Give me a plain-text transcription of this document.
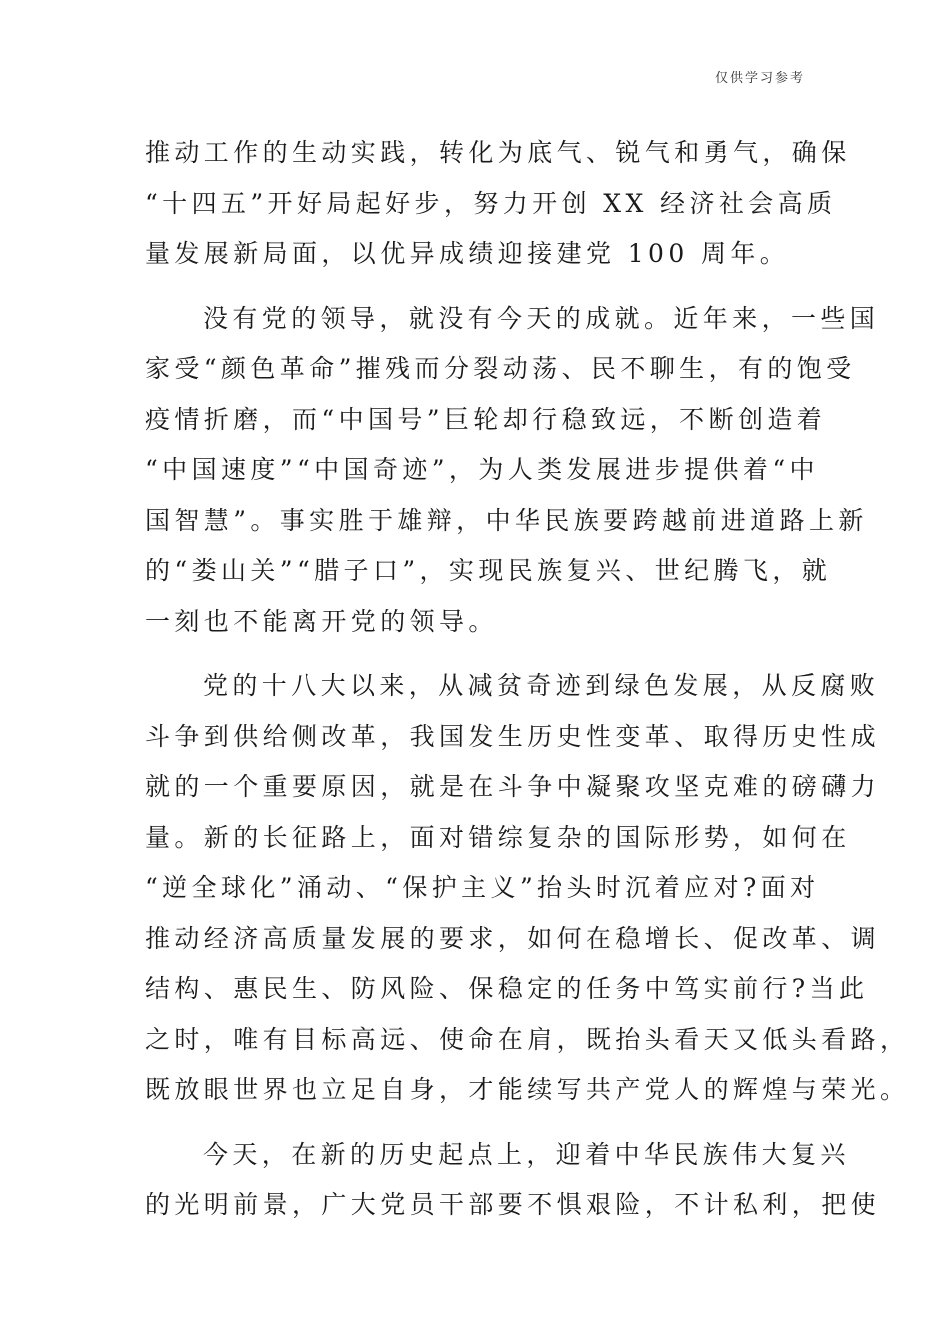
仅供学习参考
推动工作的生动实践，转化为底气、锐气和勇气，确保
“十四五”开好局起好步，努力开创 XX 经济社会高质
量发展新局面，以优异成绩迎接建党 100 周年。
没有党的领导，就没有今天的成就。近年来，一些国
家受“颜色革命”摧残而分裂动荡、民不聊生，有的饱受
疫情折磨，而“中国号”巨轮却行稳致远，不断创造着
“中国速度”“中国奇迹”，为人类发展进步提供着“中
国智慧”。事实胜于雄辩，中华民族要跨越前进道路上新
的“娄山关”“腊子口”，实现民族复兴、世纪腾飞，就
一刻也不能离开党的领导。
党的十八大以来，从减贫奇迹到绿色发展，从反腐败
斗争到供给侧改革，我国发生历史性变革、取得历史性成
就的一个重要原因，就是在斗争中凝聚攻坚克难的磅礴力
量。新的长征路上，面对错综复杂的国际形势，如何在
“逆全球化”涌动、“保护主义”抬头时沉着应对?面对
推动经济高质量发展的要求，如何在稳增长、促改革、调
结构、惠民生、防风险、保稳定的任务中笃实前行?当此
之时，唯有目标高远、使命在肩，既抬头看天又低头看路，
既放眼世界也立足自身，才能续写共产党人的辉煌与荣光。
今天，在新的历史起点上，迎着中华民族伟大复兴
的光明前景，广大党员干部要不惧艰险，不计私利，把使
